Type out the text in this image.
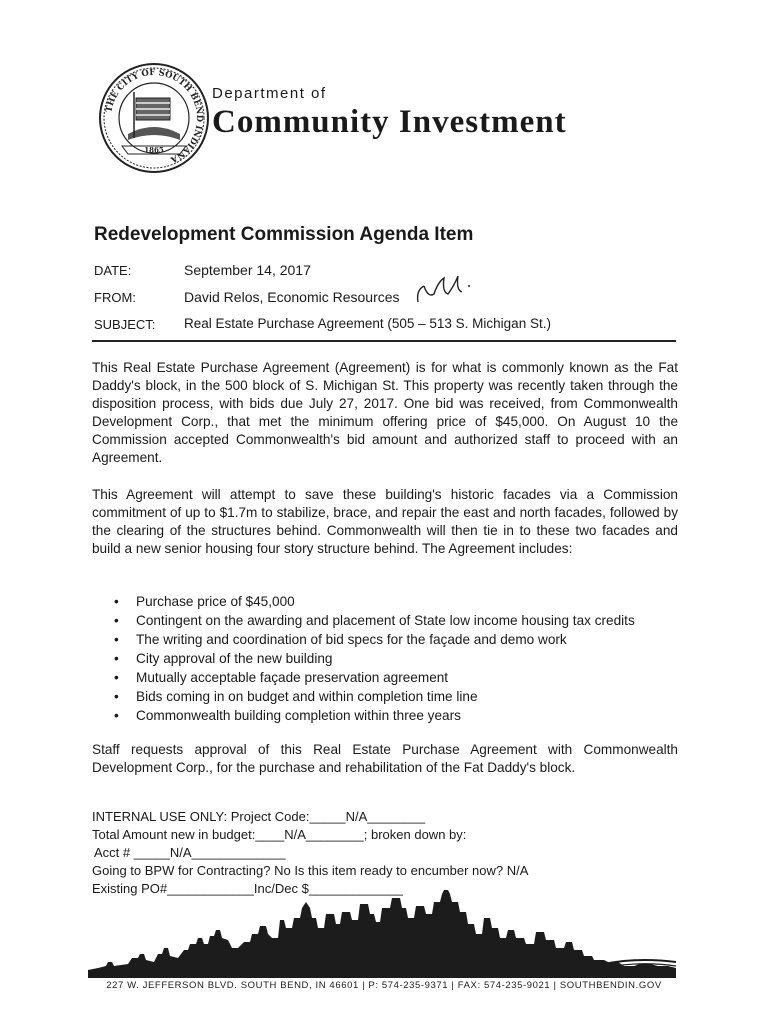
THE CITY OF SOUTH BEND INDIANA
1865
Department of
Community Investment
Redevelopment Commission Agenda Item
DATE:	September 14, 2017
FROM:	David Relos, Economic Resources
SUBJECT: Real Estate Purchase Agreement (505 – 513 S. Michigan St.)

This Real Estate Purchase Agreement (Agreement) is for what is commonly known as the Fat Daddy's block, in the 500 block of S. Michigan St. This property was recently taken through the disposition process, with bids due July 27, 2017. One bid was received, from Commonwealth Development Corp., that met the minimum offering price of $45,000. On August 10 the Commission accepted Commonwealth's bid amount and authorized staff to proceed with an Agreement.

This Agreement will attempt to save these building's historic facades via a Commission commitment of up to $1.7m to stabilize, brace, and repair the east and north facades, followed by the clearing of the structures behind. Commonwealth will then tie in to these two facades and build a new senior housing four story structure behind. The Agreement includes:

• Purchase price of $45,000
• Contingent on the awarding and placement of State low income housing tax credits
• The writing and coordination of bid specs for the façade and demo work
• City approval of the new building
• Mutually acceptable façade preservation agreement
• Bids coming in on budget and within completion time line
• Commonwealth building completion within three years

Staff requests approval of this Real Estate Purchase Agreement with Commonwealth Development Corp., for the purchase and rehabilitation of the Fat Daddy's block.

INTERNAL USE ONLY: Project Code:_____N/A________
Total Amount new in budget:____N/A________; broken down by:
Acct # _____N/A_____________
Going to BPW for Contracting? No Is this item ready to encumber now? N/A
Existing PO#____________Inc/Dec $_____________
227 W. JEFFERSON BLVD. SOUTH BEND, IN 46601 | P: 574-235-9371 | FAX: 574-235-9021 | SOUTHBENDIN.GOV
